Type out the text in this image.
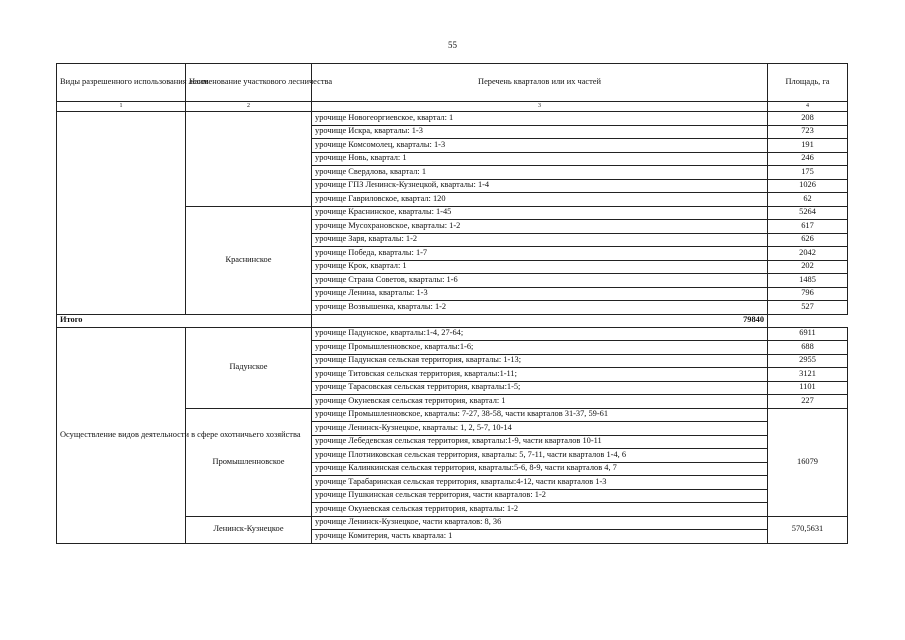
55
Виды разрешенного использования лесов	Наименование участкового лесничества	Перечень кварталов или их частей	Площадь, га
1	2	3	4
		урочище Новогеоргиевское, квартал: 1	208
		урочище Искра, кварталы: 1-3	723
		урочище Комсомолец, кварталы: 1-3	191
		урочище Новь, квартал: 1	246
		урочище Свердлова, квартал: 1	175
		урочище ГПЗ Ленинск-Кузнецкой, кварталы: 1-4	1026
		урочище Гавриловское, квартал: 120	62
	Краснинское	урочище Краснинское, кварталы: 1-45	5264
		урочище Мусохрановское, кварталы: 1-2	617
		урочище Заря, кварталы: 1-2	626
		урочище Победа, кварталы: 1-7	2042
		урочище Крок, квартал: 1	202
		урочище Страна Советов, кварталы: 1-6	1485
		урочище Ленина, кварталы: 1-3	796
		урочище Возвышенка, кварталы: 1-2	527
Итого		79840	
Осуществление видов деятельности в сфере охотничьего хозяйства	Падунское	урочище Падунское, кварталы:1-4, 27-64;	6911
		урочище Промышленновское, кварталы:1-6;	688
		урочище Падунская сельская территория, кварталы: 1-13;	2955
		урочище Титовская сельская территория, кварталы:1-11;	3121
		урочище Тарасовская сельская территория, кварталы:1-5;	1101
		урочище Окуневская сельская территория, квартал: 1	227
	Промышленновское	урочище Промышленновское, кварталы: 7-27, 38-58, части кварталов 31-37, 59-61	16079
		урочище Ленинск-Кузнецкое, кварталы: 1, 2, 5-7, 10-14	
		урочище Лебедевская сельская территория, кварталы:1-9, части кварталов 10-11	
		урочище Плотниковская сельская территория, кварталы: 5, 7-11, части кварталов 1-4, 6	
		урочище Калинкинская сельская территория, кварталы:5-6, 8-9, части кварталов 4, 7	
		урочище Тарабаринская сельская территория, кварталы:4-12, части кварталов 1-3	
		урочище Пушкинская сельская территория, части кварталов: 1-2	
		урочище Окуневская сельская территория, кварталы: 1-2	
	Ленинск-Кузнецкое	урочище Ленинск-Кузнецкое, части кварталов: 8, 36	570,5631
		урочище Комитерия, часть квартала: 1	
